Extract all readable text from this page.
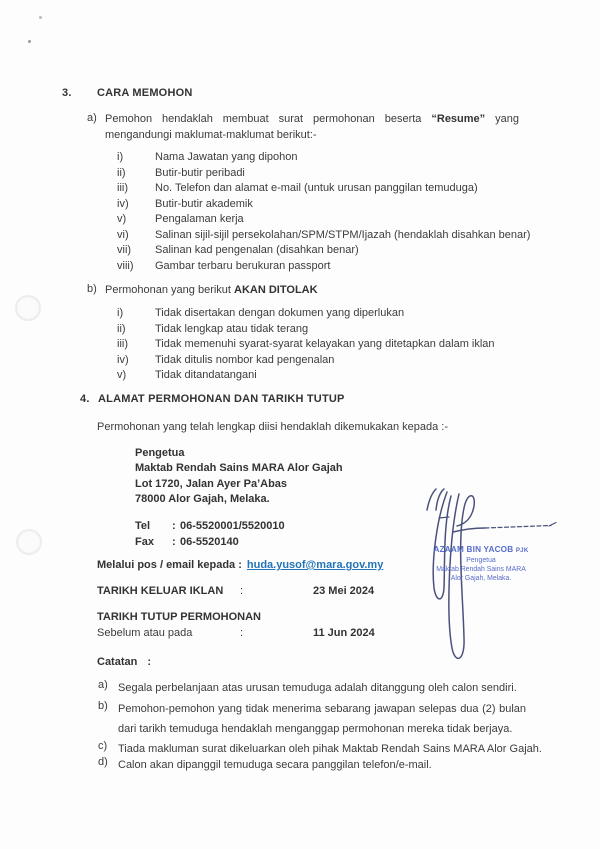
3.	CARA MEMOHON
a) Pemohon hendaklah membuat surat permohonan beserta “Resume” yang mengandungi maklumat-maklumat berikut:-
i)	Nama Jawatan yang dipohon
ii)	Butir-butir peribadi
iii)	No. Telefon dan alamat e-mail (untuk urusan panggilan temuduga)
iv)	Butir-butir akademik
v)	Pengalaman kerja
vi)	Salinan sijil-sijil persekolahan/SPM/STPM/Ijazah (hendaklah disahkan benar)
vii)	Salinan kad pengenalan (disahkan benar)
viii)	Gambar terbaru berukuran passport
b) Permohonan yang berikut AKAN DITOLAK
i)	Tidak disertakan dengan dokumen yang diperlukan
ii)	Tidak lengkap atau tidak terang
iii)	Tidak memenuhi syarat-syarat kelayakan yang ditetapkan dalam iklan
iv)	Tidak ditulis nombor kad pengenalan
v)	Tidak ditandatangani
4. ALAMAT PERMOHONAN DAN TARIKH TUTUP
Permohonan yang telah lengkap diisi hendaklah dikemukakan kepada :-
Pengetua
Maktab Rendah Sains MARA Alor Gajah
Lot 1720, Jalan Ayer Pa’Abas
78000 Alor Gajah, Melaka.
Tel	: 06-5520001/5520010
Fax	: 06-5520140
Melalui pos / email kepada : huda.yusof@mara.gov.my
TARIKH KELUAR IKLAN	:	23 Mei 2024
TARIKH TUTUP PERMOHONAN
Sebelum atau pada	:	11 Jun 2024
Catatan :
a) Segala perbelanjaan atas urusan temuduga adalah ditanggung oleh calon sendiri.
b) Pemohon-pemohon yang tidak menerima sebarang jawapan selepas dua (2) bulan dari tarikh temuduga hendaklah menganggap permohonan mereka tidak berjaya.
c) Tiada makluman surat dikeluarkan oleh pihak Maktab Rendah Sains MARA Alor Gajah.
d) Calon akan dipanggil temuduga secara panggilan telefon/e-mail.
AZAAM BIN YACOB PJK
Pengetua
Maktab Rendah Sains MARA
Alor Gajah, Melaka.
